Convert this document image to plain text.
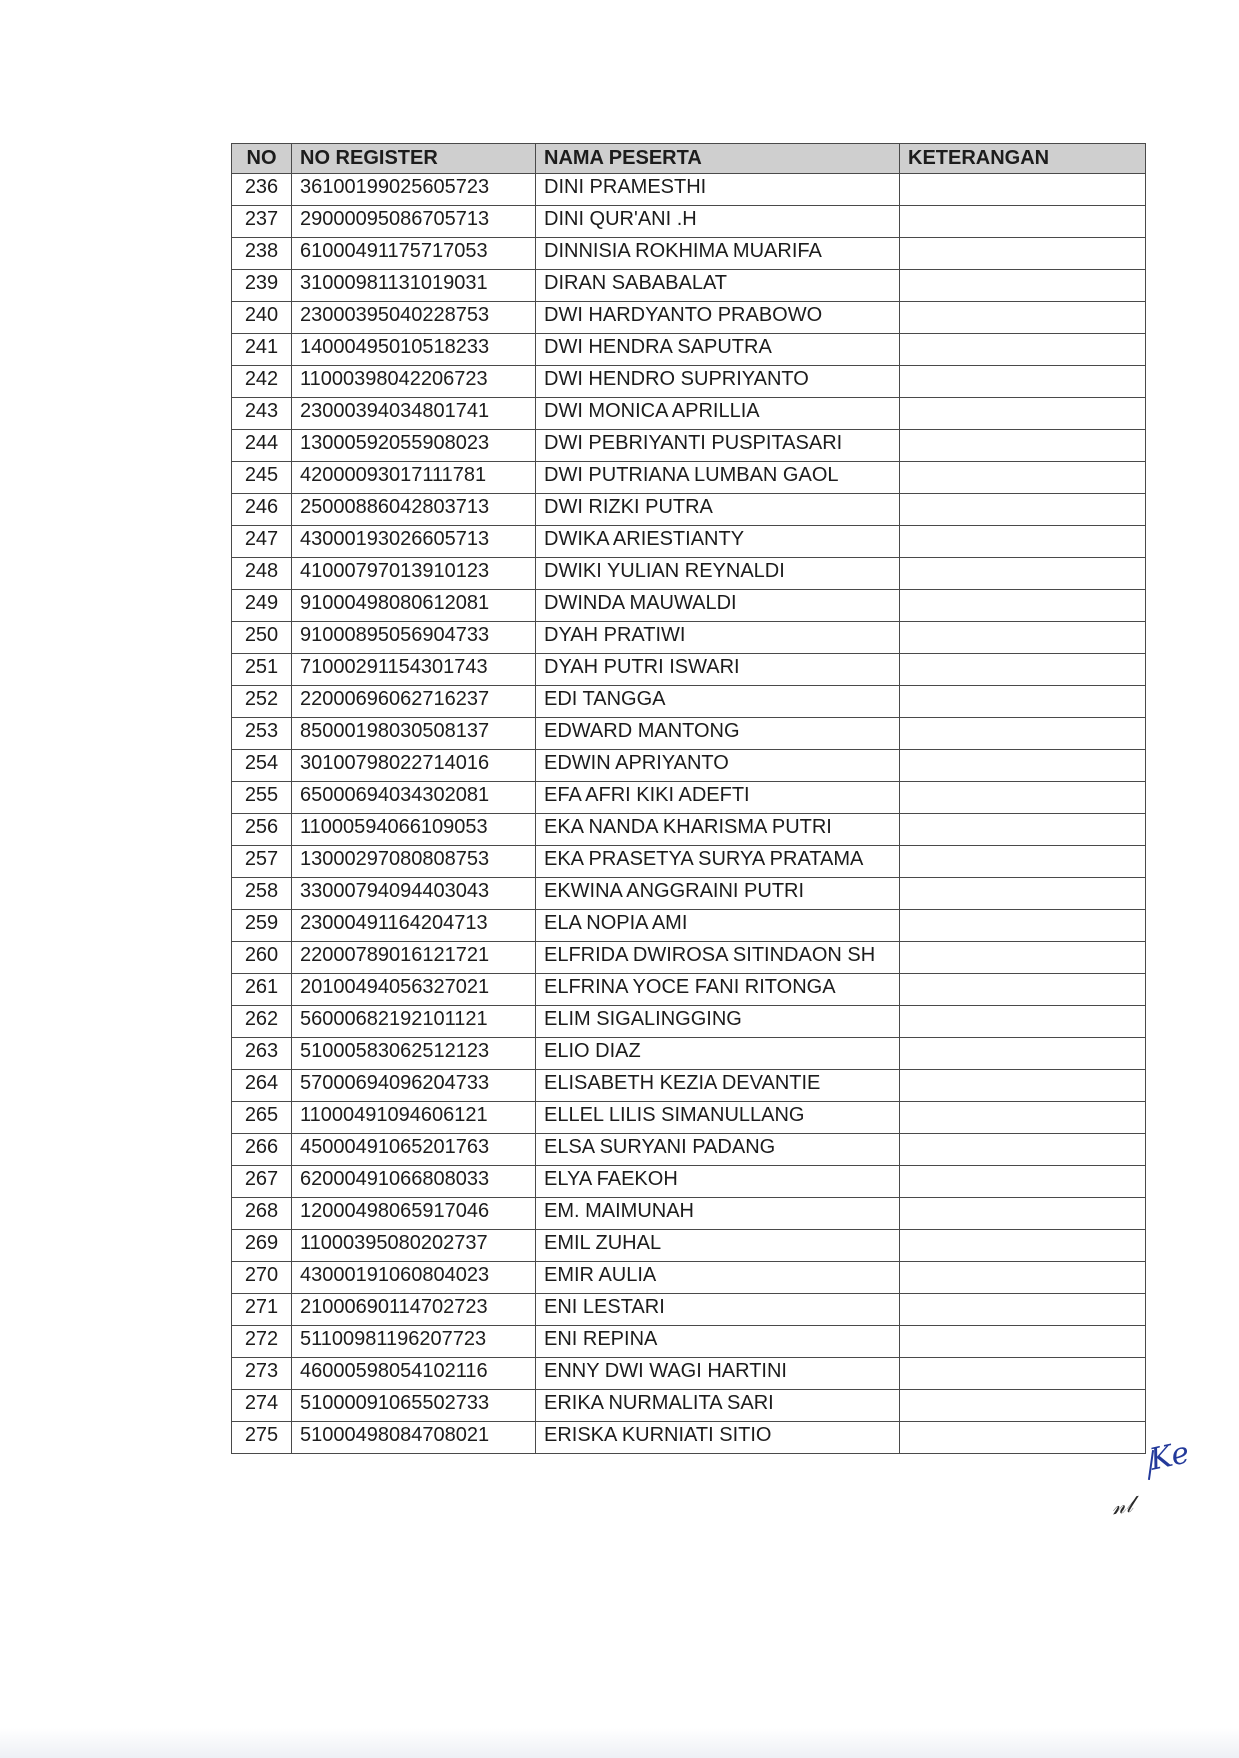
NO	NO REGISTER	NAMA PESERTA	KETERANGAN
236	36100199025605723	DINI PRAMESTHI	
237	29000095086705713	DINI QUR'ANI .H	
238	61000491175717053	DINNISIA ROKHIMA MUARIFA	
239	31000981131019031	DIRAN SABABALAT	
240	23000395040228753	DWI HARDYANTO PRABOWO	
241	14000495010518233	DWI HENDRA SAPUTRA	
242	11000398042206723	DWI HENDRO SUPRIYANTO	
243	23000394034801741	DWI MONICA APRILLIA	
244	13000592055908023	DWI PEBRIYANTI PUSPITASARI	
245	42000093017111781	DWI PUTRIANA LUMBAN GAOL	
246	25000886042803713	DWI RIZKI PUTRA	
247	43000193026605713	DWIKA ARIESTIANTY	
248	41000797013910123	DWIKI YULIAN REYNALDI	
249	91000498080612081	DWINDA MAUWALDI	
250	91000895056904733	DYAH PRATIWI	
251	71000291154301743	DYAH PUTRI ISWARI	
252	22000696062716237	EDI TANGGA	
253	85000198030508137	EDWARD MANTONG	
254	30100798022714016	EDWIN APRIYANTO	
255	65000694034302081	EFA AFRI KIKI ADEFTI	
256	11000594066109053	EKA NANDA KHARISMA PUTRI	
257	13000297080808753	EKA PRASETYA SURYA PRATAMA	
258	33000794094403043	EKWINA ANGGRAINI PUTRI	
259	23000491164204713	ELA NOPIA AMI	
260	22000789016121721	ELFRIDA DWIROSA SITINDAON SH	
261	20100494056327021	ELFRINA YOCE FANI RITONGA	
262	56000682192101121	ELIM SIGALINGGING	
263	51000583062512123	ELIO DIAZ	
264	57000694096204733	ELISABETH KEZIA DEVANTIE	
265	11000491094606121	ELLEL LILIS SIMANULLANG	
266	45000491065201763	ELSA SURYANI PADANG	
267	62000491066808033	ELYA FAEKOH	
268	12000498065917046	EM. MAIMUNAH	
269	11000395080202737	EMIL ZUHAL	
270	43000191060804023	EMIR AULIA	
271	21000690114702723	ENI LESTARI	
272	51100981196207723	ENI REPINA	
273	46000598054102116	ENNY DWI WAGI HARTINI	
274	51000091065502733	ERIKA NURMALITA SARI	
275	51000498084708021	ERISKA KURNIATI SITIO	
Ke
𝓃𝓁
